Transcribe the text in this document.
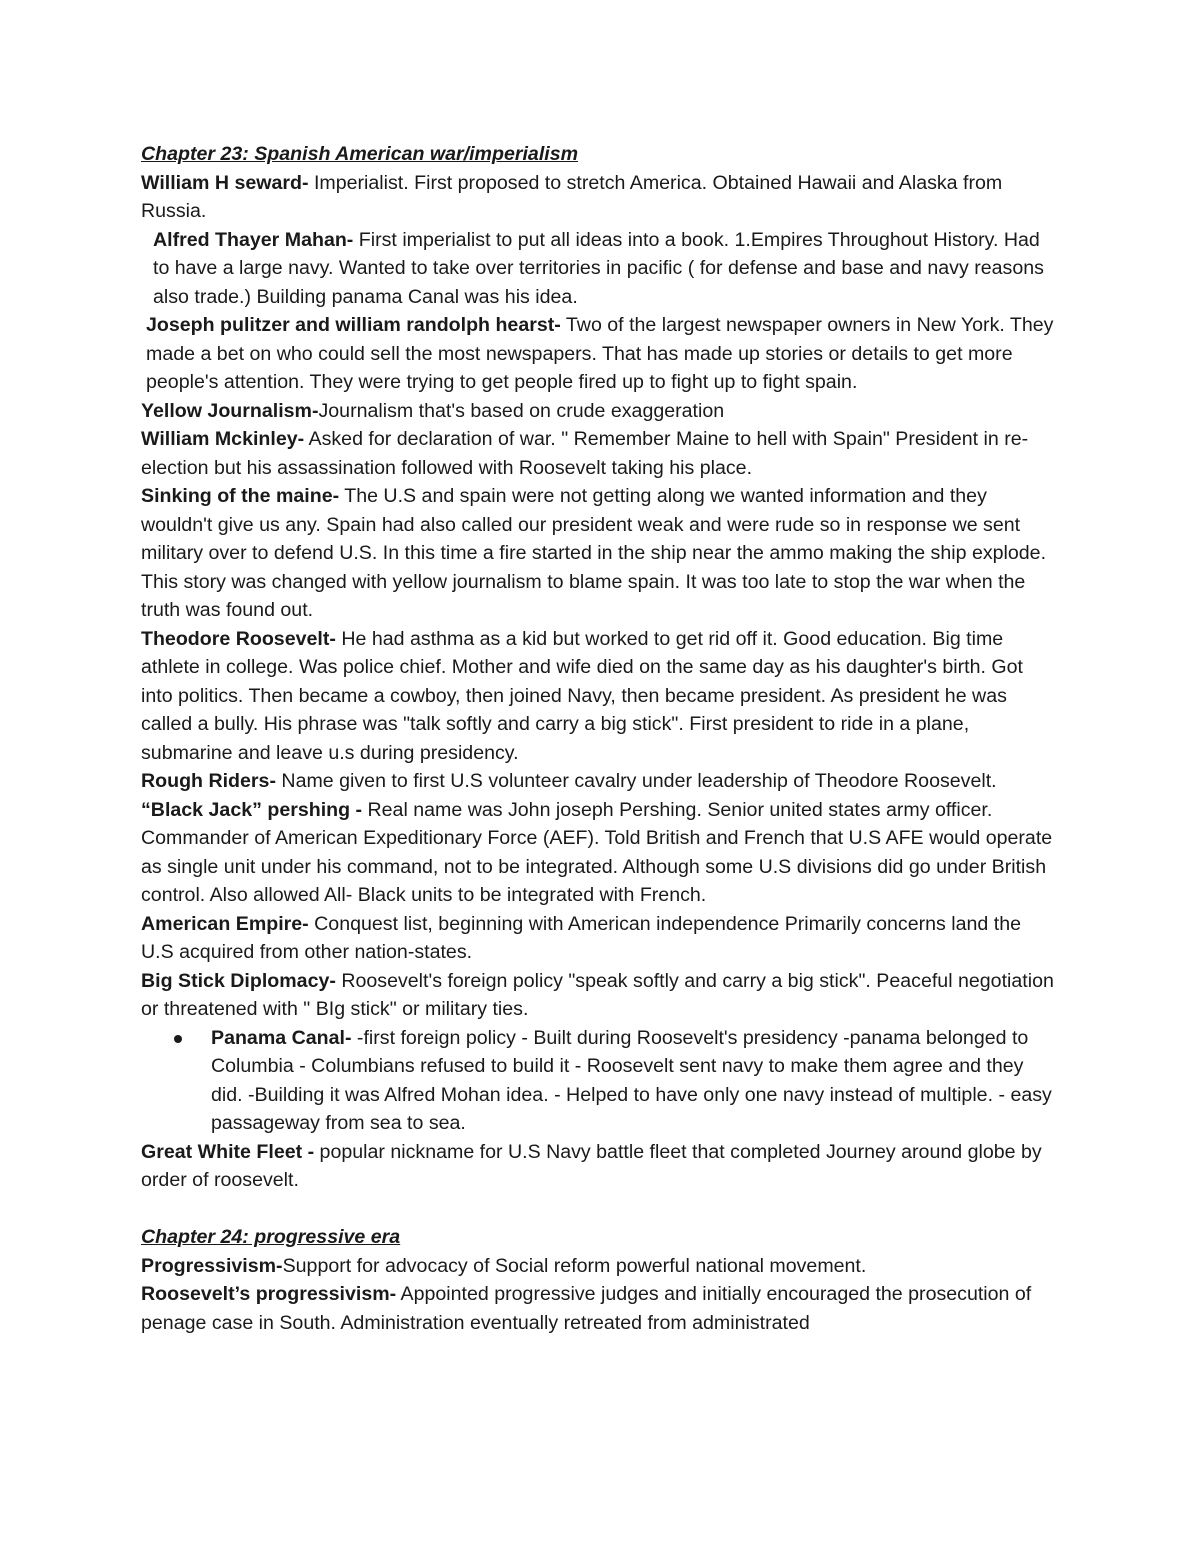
Chapter 23: Spanish American war/imperialism

William H seward- Imperialist. First proposed to stretch America. Obtained Hawaii and Alaska from Russia.

Alfred Thayer Mahan- First imperialist to put all ideas into a book. 1.Empires Throughout History. Had to have a large navy. Wanted to take over territories in pacific ( for defense and base and navy reasons also trade.) Building panama Canal was his idea.

Joseph pulitzer and william randolph hearst- Two of the largest newspaper owners in New York. They made a bet on who could sell the most newspapers. That has made up stories or details to get more people's attention. They were trying to get people fired up to fight up to fight spain.

Yellow Journalism-Journalism that's based on crude exaggeration

William Mckinley- Asked for declaration of war. " Remember Maine to hell with Spain" President in re-election but his assassination followed with Roosevelt taking his place.

Sinking of the maine- The U.S and spain were not getting along we wanted information and they wouldn't give us any. Spain had also called our president weak and were rude so in response we sent military over to defend U.S. In this time a fire started in the ship near the ammo making the ship explode. This story was changed with yellow journalism to blame spain. It was too late to stop the war when the truth was found out.

Theodore Roosevelt- He had asthma as a kid but worked to get rid off it. Good education. Big time athlete in college. Was police chief. Mother and wife died on the same day as his daughter's birth. Got into politics. Then became a cowboy, then joined Navy, then became president. As president he was called a bully. His phrase was "talk softly and carry a big stick". First president to ride in a plane, submarine and leave u.s during presidency.

Rough Riders- Name given to first U.S volunteer cavalry under leadership of Theodore Roosevelt.

“Black Jack” pershing - Real name was John joseph Pershing. Senior united states army officer. Commander of American Expeditionary Force (AEF). Told British and French that U.S AFE would operate as single unit under his command, not to be integrated. Although some U.S divisions did go under British control. Also allowed All- Black units to be integrated with French.

American Empire- Conquest list, beginning with American independence Primarily concerns land the U.S acquired from other nation-states.

Big Stick Diplomacy- Roosevelt's foreign policy "speak softly and carry a big stick". Peaceful negotiation or threatened with " BIg stick" or military ties.

Panama Canal- -first foreign policy - Built during Roosevelt's presidency -panama belonged to Columbia - Columbians refused to build it - Roosevelt sent navy to make them agree and they did. -Building it was Alfred Mohan idea. - Helped to have only one navy instead of multiple. - easy passageway from sea to sea.

Great White Fleet - popular nickname for U.S Navy battle fleet that completed Journey around globe by order of roosevelt.

Chapter 24: progressive era

Progressivism-Support for advocacy of Social reform powerful national movement.

Roosevelt’s progressivism- Appointed progressive judges and initially encouraged the prosecution of penage case in South. Administration eventually retreated from administrated
